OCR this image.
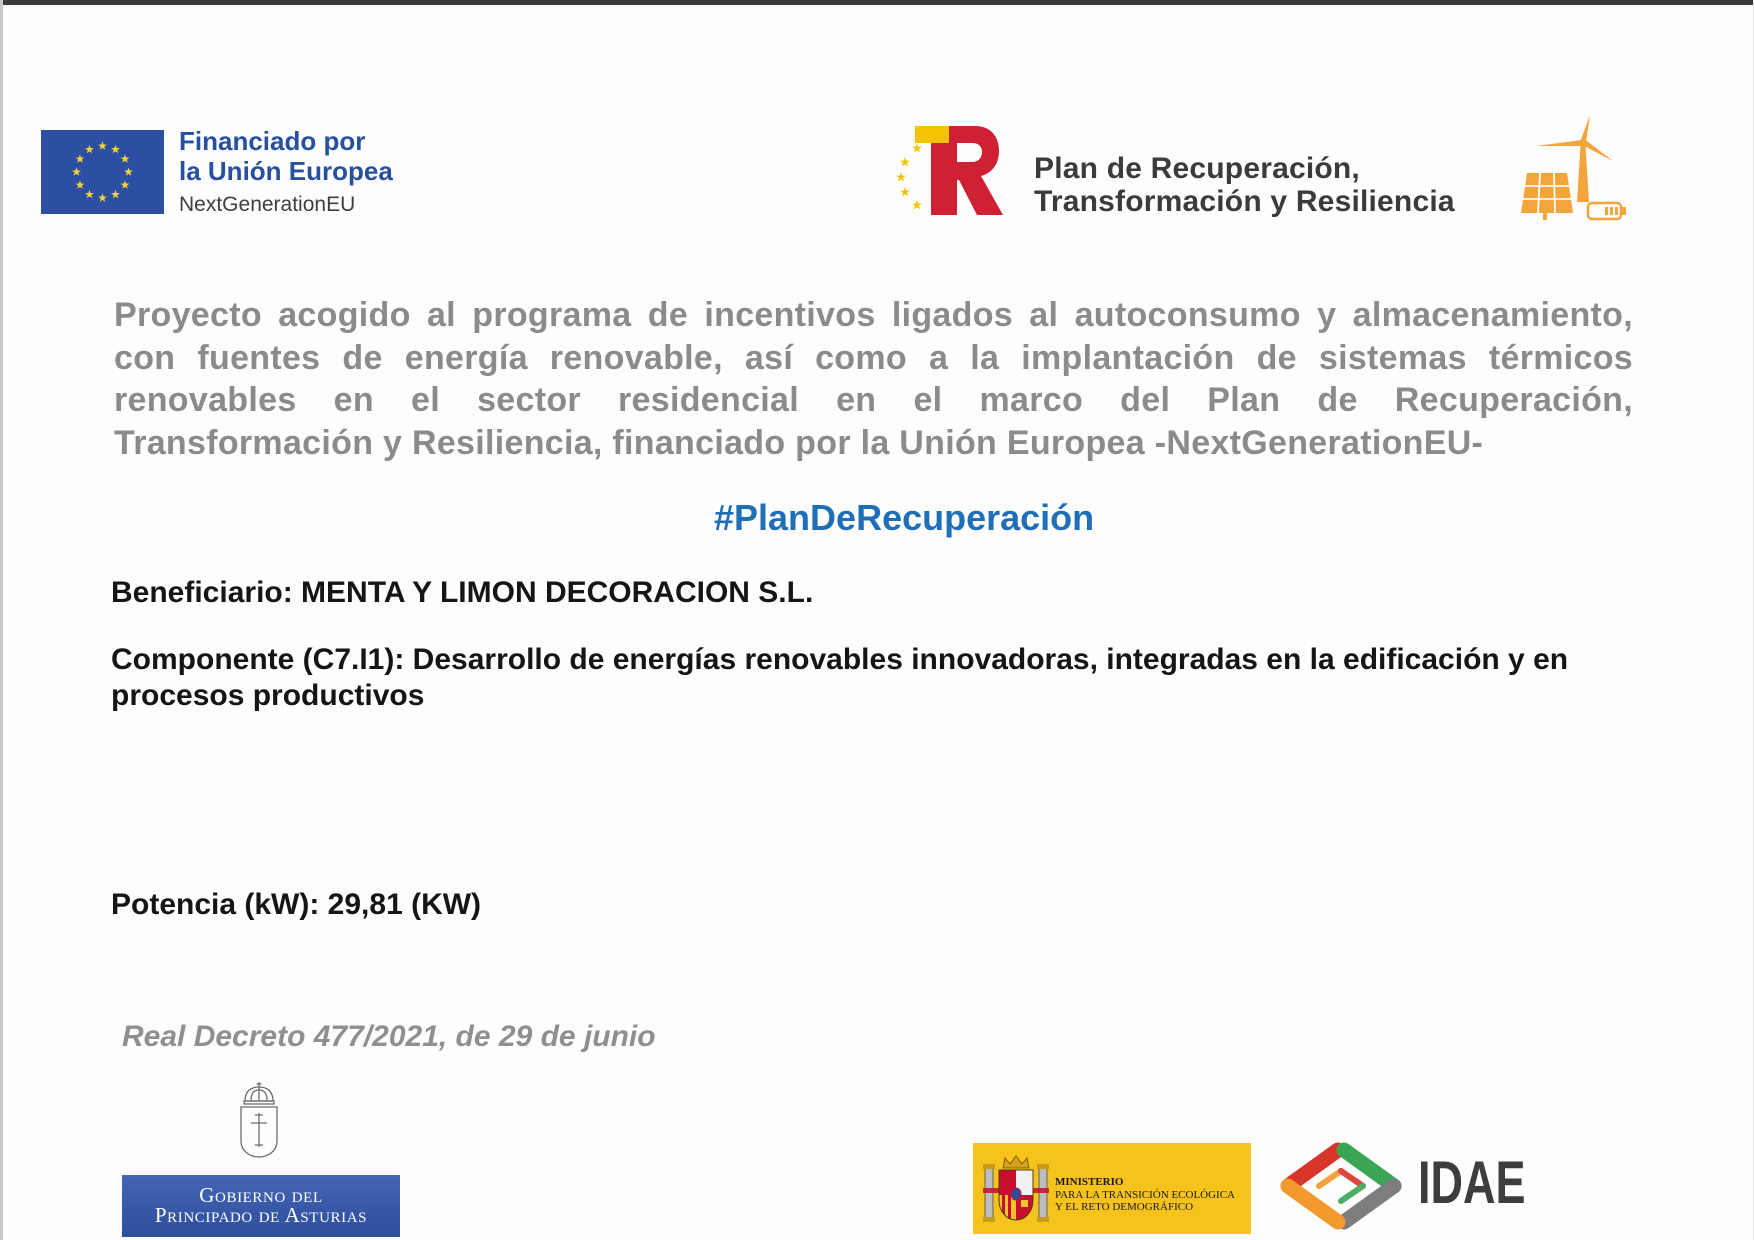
Financiado por
la Unión Europea
NextGenerationEU
Plan de Recuperación,
Transformación y Resiliencia
Proyecto acogido al programa de incentivos ligados al autoconsumo y almacenamiento,
con fuentes de energía renovable, así como a la implantación de sistemas térmicos
renovables en el sector residencial en el marco del Plan de Recuperación,
Transformación y Resiliencia, financiado por la Unión Europea -NextGenerationEU-
#PlanDeRecuperación
Beneficiario: MENTA Y LIMON DECORACION S.L.
Componente (C7.I1): Desarrollo de energías renovables innovadoras, integradas en la edificación y en procesos productivos
Potencia (kW): 29,81 (KW)
Real Decreto 477/2021, de 29 de junio
Gobierno del
Principado de Asturias
MINISTERIO
PARA LA TRANSICIÓN ECOLÓGICA
Y EL RETO DEMOGRÁFICO	IDAE
